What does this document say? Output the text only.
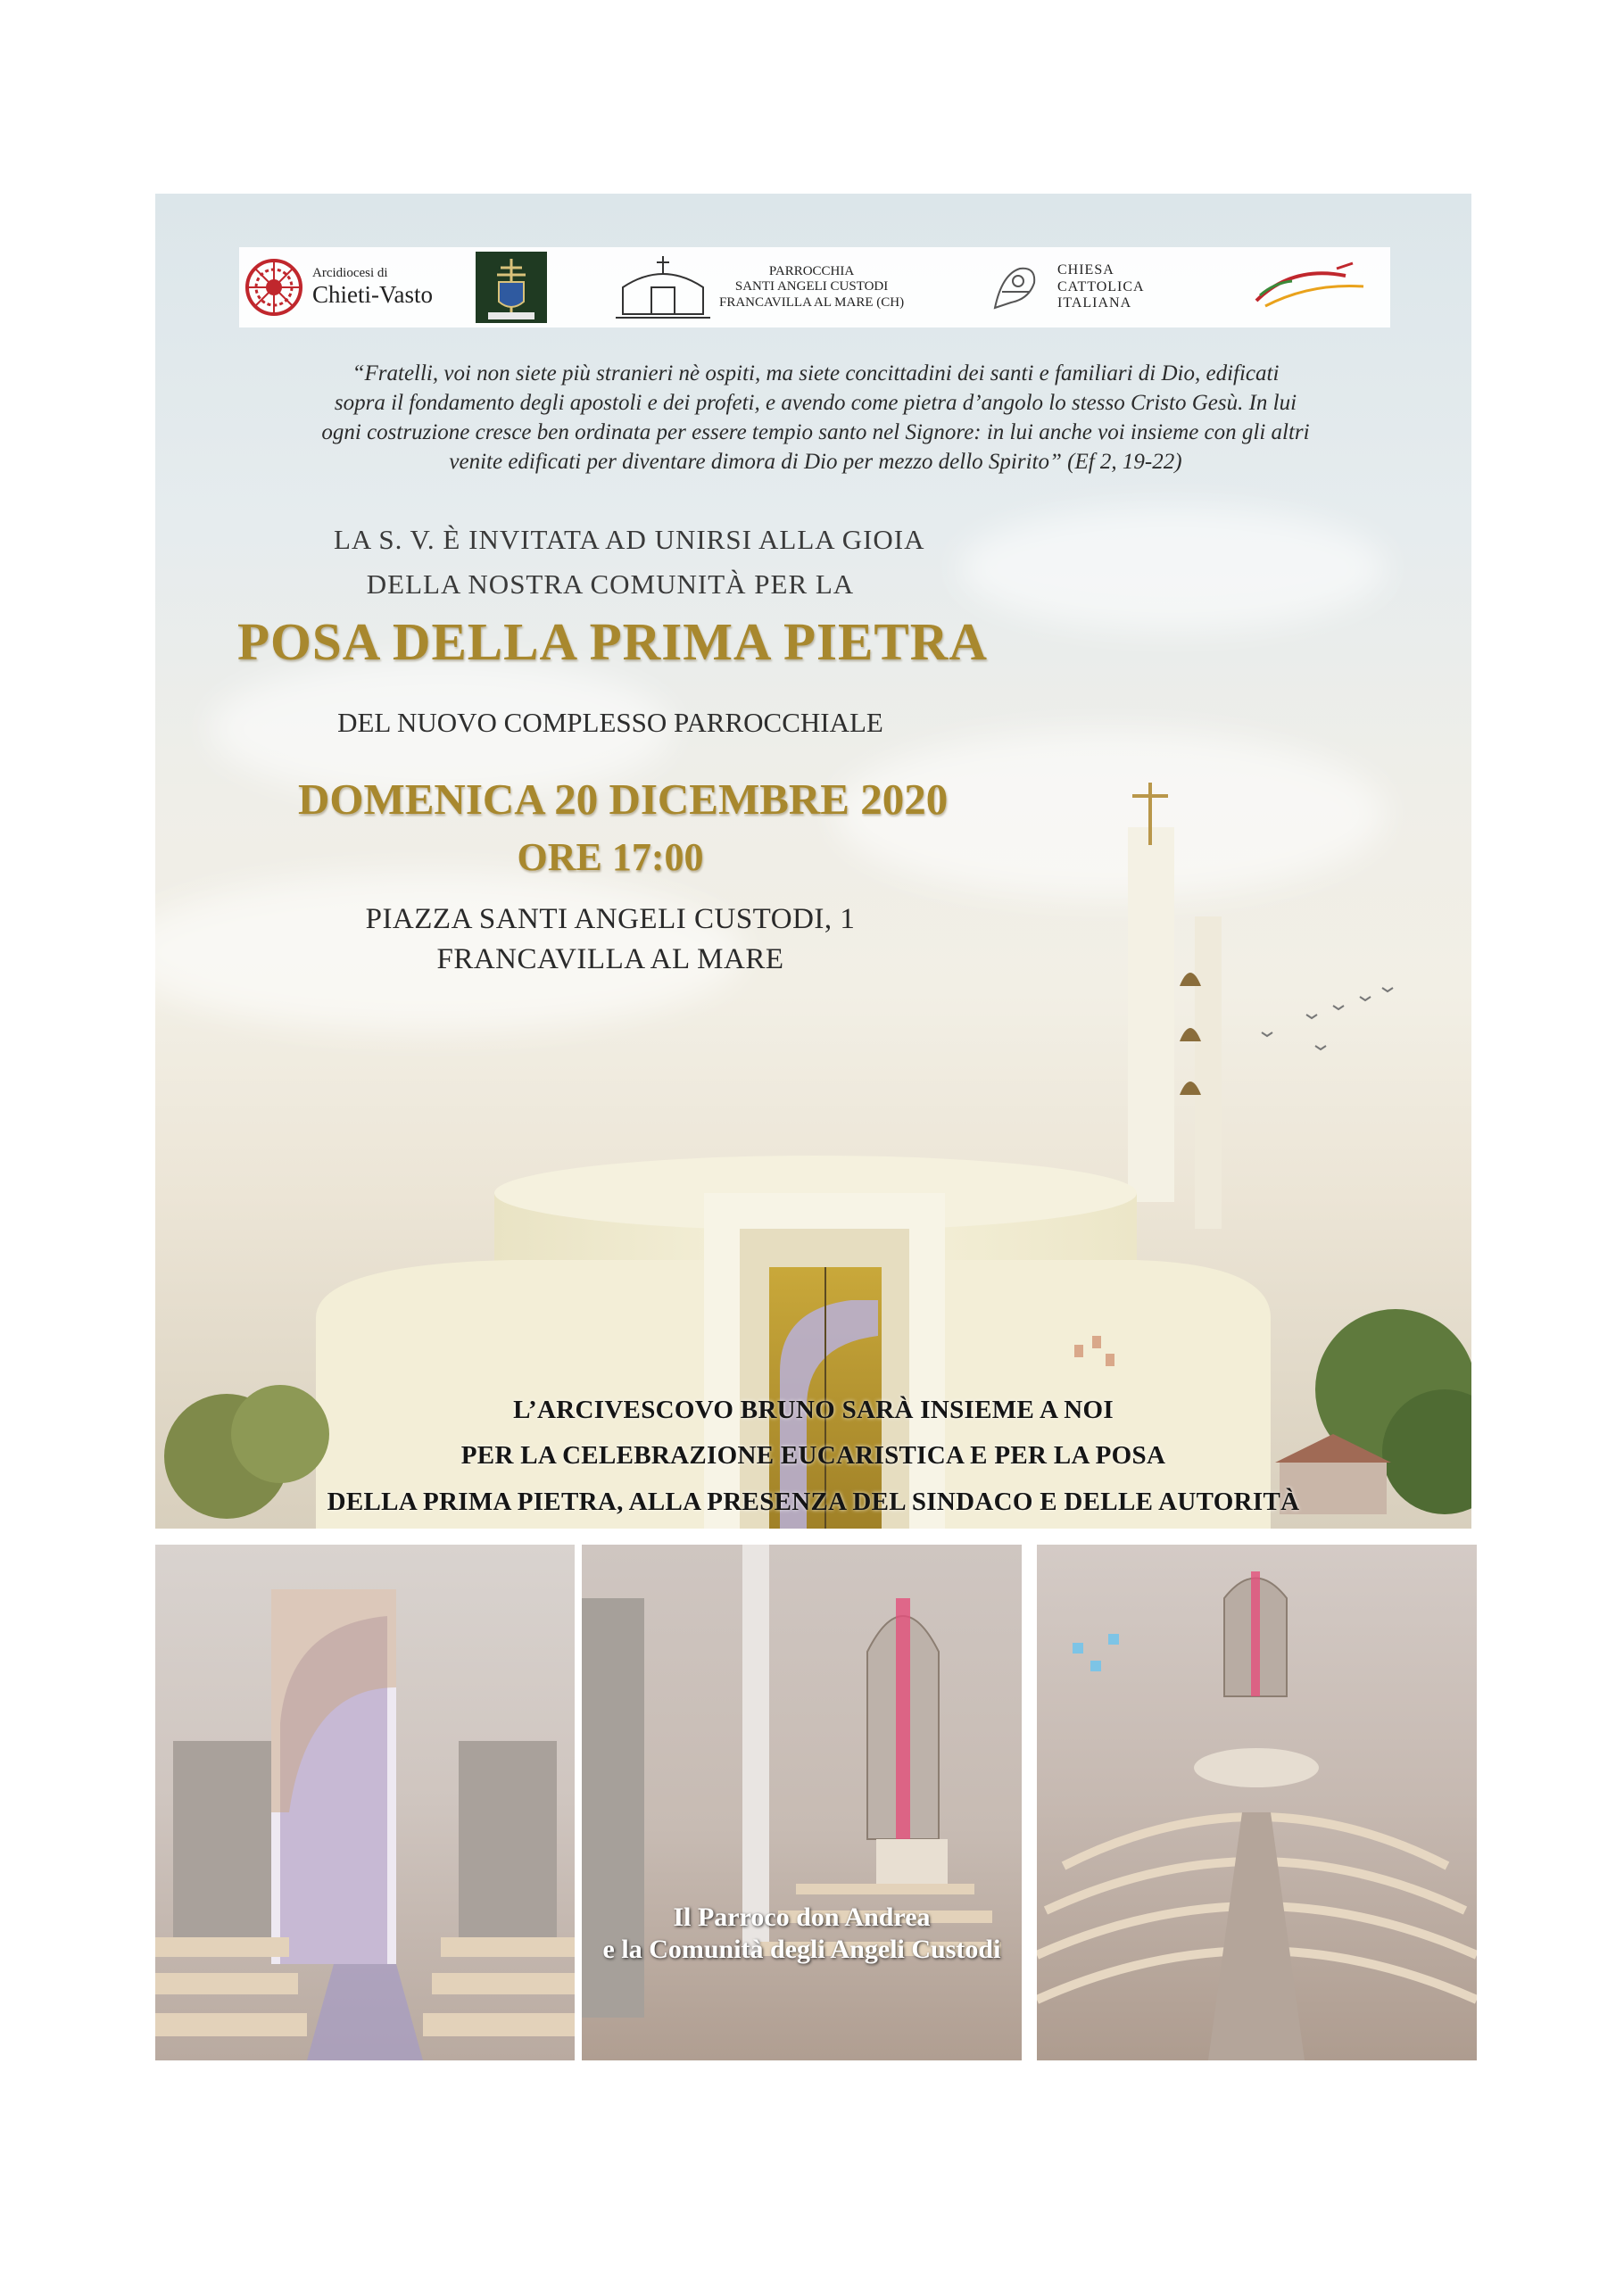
Arcidiocesi di
Chieti-Vasto
PARROCCHIA
SANTI ANGELI CUSTODI
FRANCAVILLA AL MARE (CH)
CHIESA
CATTOLICA
ITALIANA
“Fratelli, voi non siete più stranieri nè ospiti, ma siete concittadini dei santi e familiari di Dio, edificati
sopra il fondamento degli apostoli e dei profeti, e avendo come pietra d’angolo lo stesso Cristo Gesù. In lui
ogni costruzione cresce ben ordinata per essere tempio santo nel Signore: in lui anche voi insieme con gli altri
venite edificati per diventare dimora di Dio per mezzo dello Spirito” (Ef 2, 19-22)
LA S. V. È INVITATA AD UNIRSI ALLA GIOIA
DELLA NOSTRA COMUNITÀ PER LA
POSA DELLA PRIMA PIETRA
DEL NUOVO COMPLESSO PARROCCHIALE
DOMENICA 20 DICEMBRE 2020
ORE 17:00
PIAZZA SANTI ANGELI CUSTODI, 1
FRANCAVILLA AL MARE
L’ARCIVESCOVO BRUNO SARÀ INSIEME A NOI
PER LA CELEBRAZIONE EUCARISTICA E PER LA POSA
DELLA PRIMA PIETRA, ALLA PRESENZA DEL SINDACO E DELLE AUTORITÀ
Il Parroco don Andrea
e la Comunità degli Angeli Custodi
